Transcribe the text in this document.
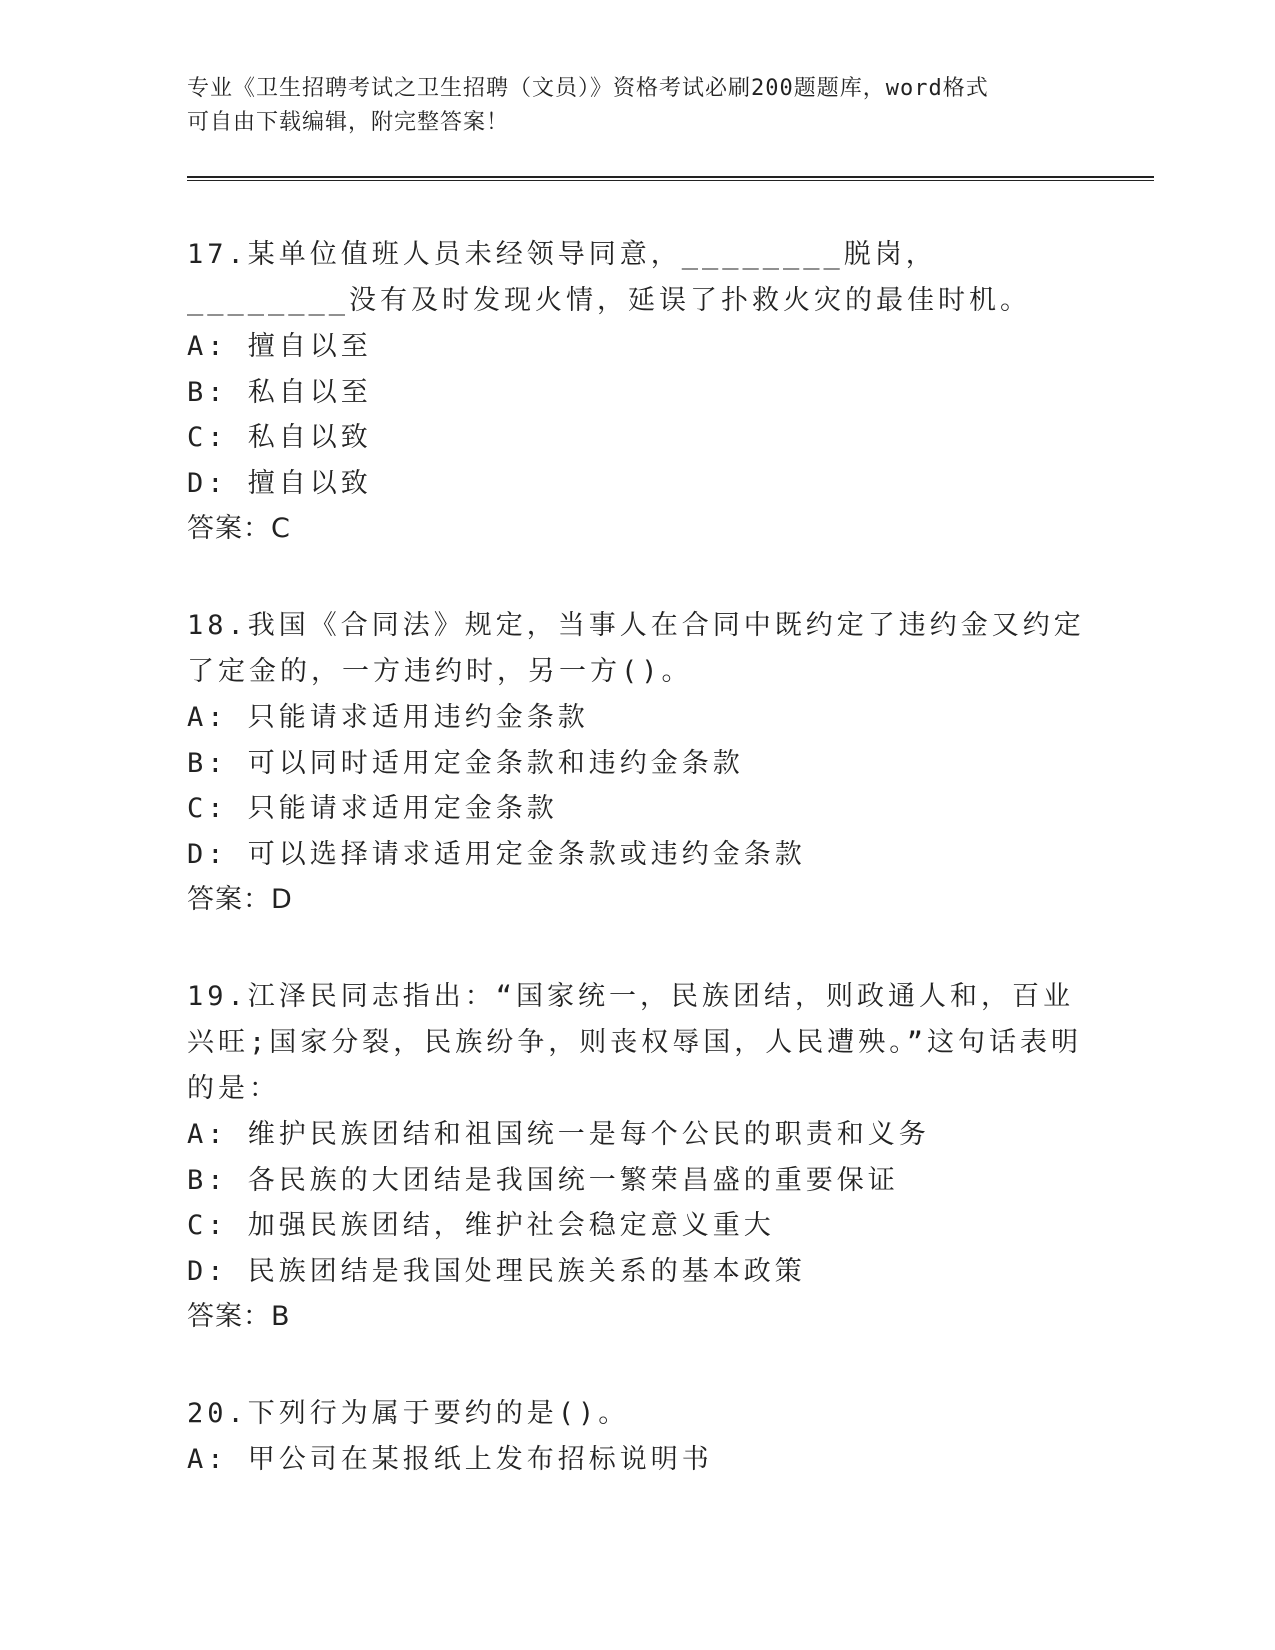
专业《卫生招聘考试之卫生招聘（文员）》资格考试必刷200题题库，word格式
可自由下载编辑，附完整答案！
17.某单位值班人员未经领导同意，________脱岗，________没有及时发现火情，延误了扑救火灾的最佳时机。
A: 擅自以至
B: 私自以至
C: 私自以致
D: 擅自以致
答案：C
18.我国《合同法》规定，当事人在合同中既约定了违约金又约定了定金的，一方违约时，另一方()。
A: 只能请求适用违约金条款
B: 可以同时适用定金条款和违约金条款
C: 只能请求适用定金条款
D: 可以选择请求适用定金条款或违约金条款
答案：D
19.江泽民同志指出：“国家统一，民族团结，则政通人和，百业兴旺;国家分裂，民族纷争，则丧权辱国，人民遭殃。”这句话表明的是：
A: 维护民族团结和祖国统一是每个公民的职责和义务
B: 各民族的大团结是我国统一繁荣昌盛的重要保证
C: 加强民族团结，维护社会稳定意义重大
D: 民族团结是我国处理民族关系的基本政策
答案：B
20.下列行为属于要约的是()。
A: 甲公司在某报纸上发布招标说明书
